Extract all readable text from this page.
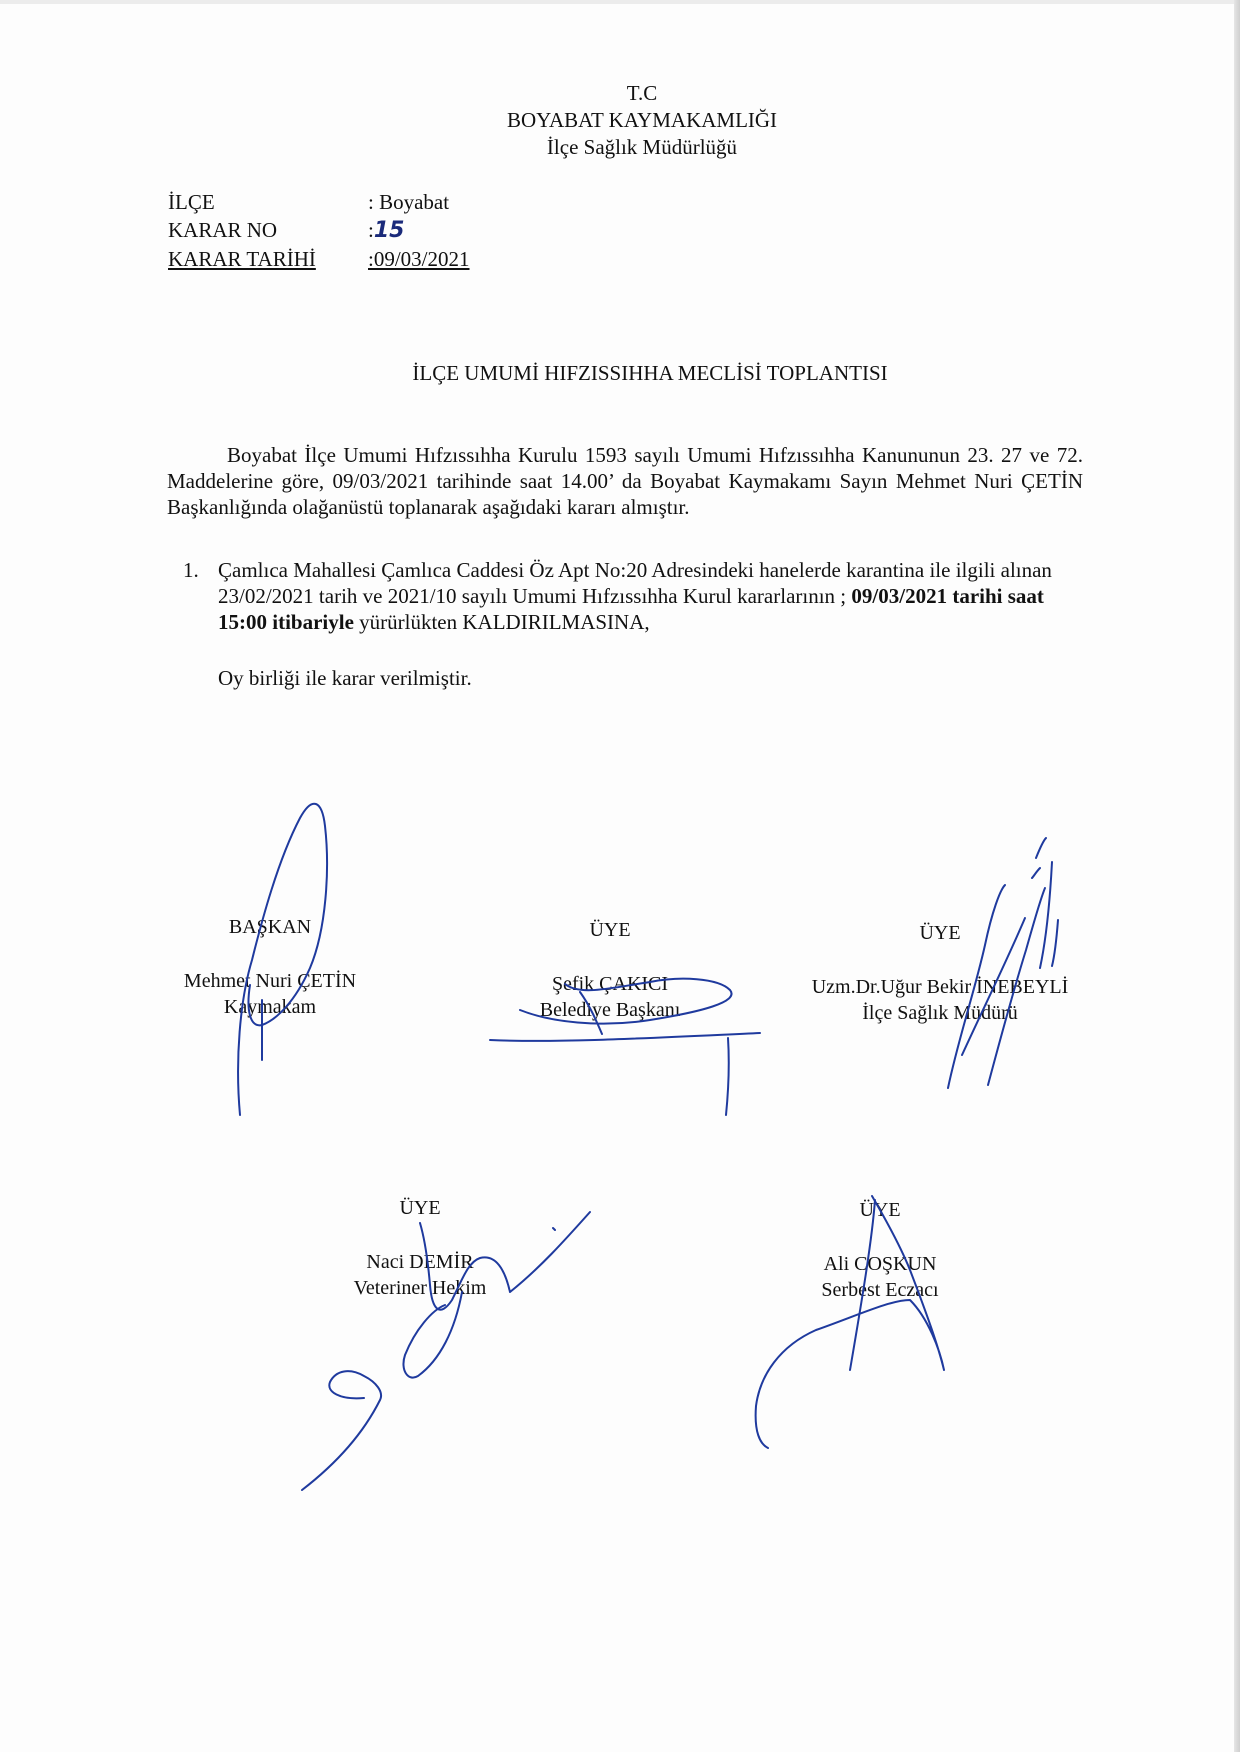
T.C
BOYABAT KAYMAKAMLIĞI
İlçe Sağlık Müdürlüğü
İLÇE	: Boyabat
KARAR NO	:15
KARAR TARİHİ :09/03/2021
İLÇE UMUMİ HIFZISSIHHA MECLİSİ TOPLANTISI
Boyabat İlçe Umumi Hıfzıssıhha Kurulu 1593 sayılı Umumi Hıfzıssıhha Kanununun 23. 27 ve 72. Maddelerine göre, 09/03/2021 tarihinde saat 14.00’ da Boyabat Kaymakamı Sayın Mehmet Nuri ÇETİN Başkanlığında olağanüstü toplanarak aşağıdaki kararı almıştır.
1. Çamlıca Mahallesi Çamlıca Caddesi Öz Apt No:20 Adresindeki hanelerde karantina ile ilgili alınan 23/02/2021 tarih ve 2021/10 sayılı Umumi Hıfzıssıhha Kurul kararlarının ; 09/03/2021 tarihi saat 15:00 itibariyle yürürlükten KALDIRILMASINA,
Oy birliği ile karar verilmiştir.
BAŞKAN
Mehmet Nuri ÇETİN
Kaymakam
ÜYE
Şefik ÇAKICI
Belediye Başkanı
ÜYE
Uzm.Dr.Uğur Bekir İNEBEYLİ
İlçe Sağlık Müdürü
ÜYE
Naci DEMİR
Veteriner Hekim
ÜYE
Ali COŞKUN
Serbest Eczacı
